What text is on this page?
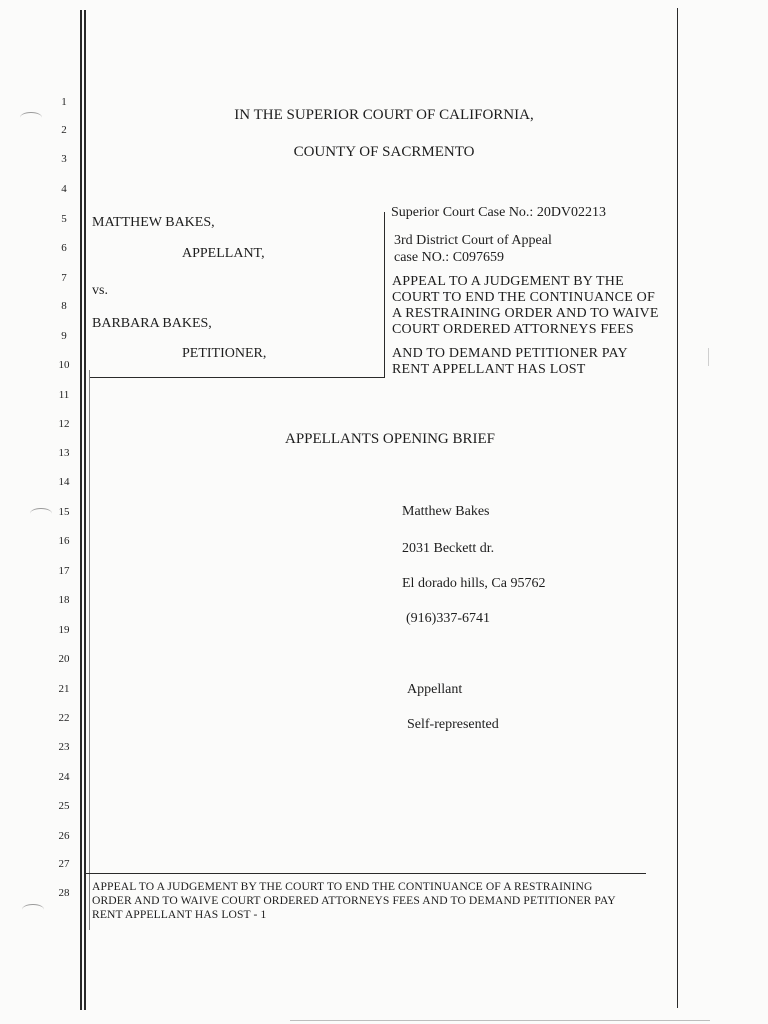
1
2
3
4
5
6
7
8
9
10
11
12
13
14
15
16
17
18
19
20
21
22
23
24
25
26
27
28
IN THE SUPERIOR COURT OF CALIFORNIA,
COUNTY OF SACRMENTO
MATTHEW BAKES,
APPELLANT,
vs.
BARBARA BAKES,
PETITIONER,
Superior Court Case No.: 20DV02213
3rd District Court of Appeal
case NO.: C097659
APPEAL TO A JUDGEMENT BY THE
COURT TO END THE CONTINUANCE OF
A RESTRAINING ORDER AND TO WAIVE
COURT ORDERED ATTORNEYS FEES
AND TO DEMAND PETITIONER PAY
RENT APPELLANT HAS LOST
APPELLANTS OPENING BRIEF
Matthew Bakes
2031 Beckett dr.
El dorado hills, Ca 95762
(916)337-6741
Appellant
Self-represented
APPEAL TO A JUDGEMENT BY THE COURT TO END THE CONTINUANCE OF A RESTRAINING
ORDER AND TO WAIVE COURT ORDERED ATTORNEYS FEES AND TO DEMAND PETITIONER PAY
RENT APPELLANT HAS LOST - 1
